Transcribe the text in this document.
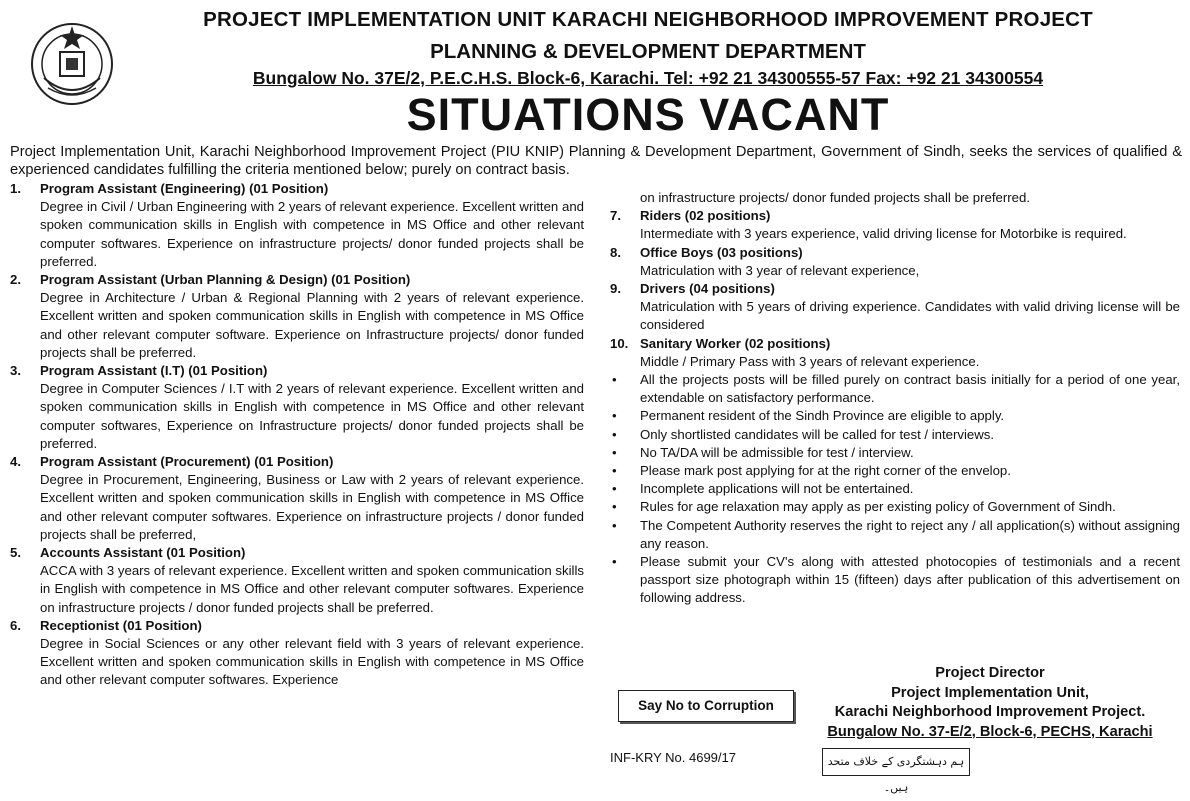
PROJECT IMPLEMENTATION UNIT KARACHI NEIGHBORHOOD IMPROVEMENT PROJECT
PLANNING & DEVELOPMENT DEPARTMENT
Bungalow No. 37E/2, P.E.C.H.S. Block-6, Karachi. Tel: +92 21 34300555-57 Fax: +92 21 34300554
SITUATIONS VACANT
Project Implementation Unit, Karachi Neighborhood Improvement Project (PIU KNIP) Planning & Development Department, Government of Sindh, seeks the services of qualified & experienced candidates fulfilling the criteria mentioned below; purely on contract basis.
1.	Program Assistant (Engineering) (01 Position)
Degree in Civil / Urban Engineering with 2 years of relevant experience. Excellent written and spoken communication skills in English with competence in MS Office and other relevant computer softwares. Experience on infrastructure projects/ donor funded projects shall be preferred.
2.	Program Assistant (Urban Planning & Design) (01 Position)
Degree in Architecture / Urban & Regional Planning with 2 years of relevant experience. Excellent written and spoken communication skills in English with competence in MS Office and other relevant computer software. Experience on Infrastructure projects/ donor funded projects shall be preferred.
3.	Program Assistant (I.T) (01 Position)
Degree in Computer Sciences / I.T with 2 years of relevant experience. Excellent written and spoken communication skills in English with competence in MS Office and other relevant computer softwares, Experience on Infrastructure projects/ donor funded projects shall be preferred.
4.	Program Assistant (Procurement) (01 Position)
Degree in Procurement, Engineering, Business or Law with 2 years of relevant experience. Excellent written and spoken communication skills in English with competence in MS Office and other relevant computer softwares. Experience on infrastructure projects / donor funded projects shall be preferred,
5.	Accounts Assistant (01 Position)
ACCA with 3 years of relevant experience. Excellent written and spoken communication skills in English with competence in MS Office and other relevant computer softwares. Experience on infrastructure projects / donor funded projects shall be preferred.
6.	Receptionist (01 Position)
Degree in Social Sciences or any other relevant field with 3 years of relevant experience. Excellent written and spoken communication skills in English with competence in MS Office and other relevant computer softwares. Experience
on infrastructure projects/ donor funded projects shall be preferred.
7.	Riders (02 positions)
Intermediate with 3 years experience, valid driving license for Motorbike is required.
8.	Office Boys (03 positions)
Matriculation with 3 year of relevant experience,
9.	Drivers (04 positions)
Matriculation with 5 years of driving experience. Candidates with valid driving license will be considered
10. Sanitary Worker (02 positions)
Middle / Primary Pass with 3 years of relevant experience.
• All the projects posts will be filled purely on contract basis initially for a period of one year, extendable on satisfactory performance.
• Permanent resident of the Sindh Province are eligible to apply.
• Only shortlisted candidates will be called for test / interviews.
• No TA/DA will be admissible for test / interview.
• Please mark post applying for at the right corner of the envelop.
• Incomplete applications will not be entertained.
• Rules for age relaxation may apply as per existing policy of Government of Sindh.
• The Competent Authority reserves the right to reject any / all application(s) without assigning any reason.
• Please submit your CV's along with attested photocopies of testimonials and a recent passport size photograph within 15 (fifteen) days after publication of this advertisement on following address.
Say No to Corruption
INF-KRY No. 4699/17
Project Director
Project Implementation Unit,
Karachi Neighborhood Improvement Project.
Bungalow No. 37-E/2, Block-6, PECHS, Karachi
ہم دہشتگردی کے خلاف متحد ہیں۔
